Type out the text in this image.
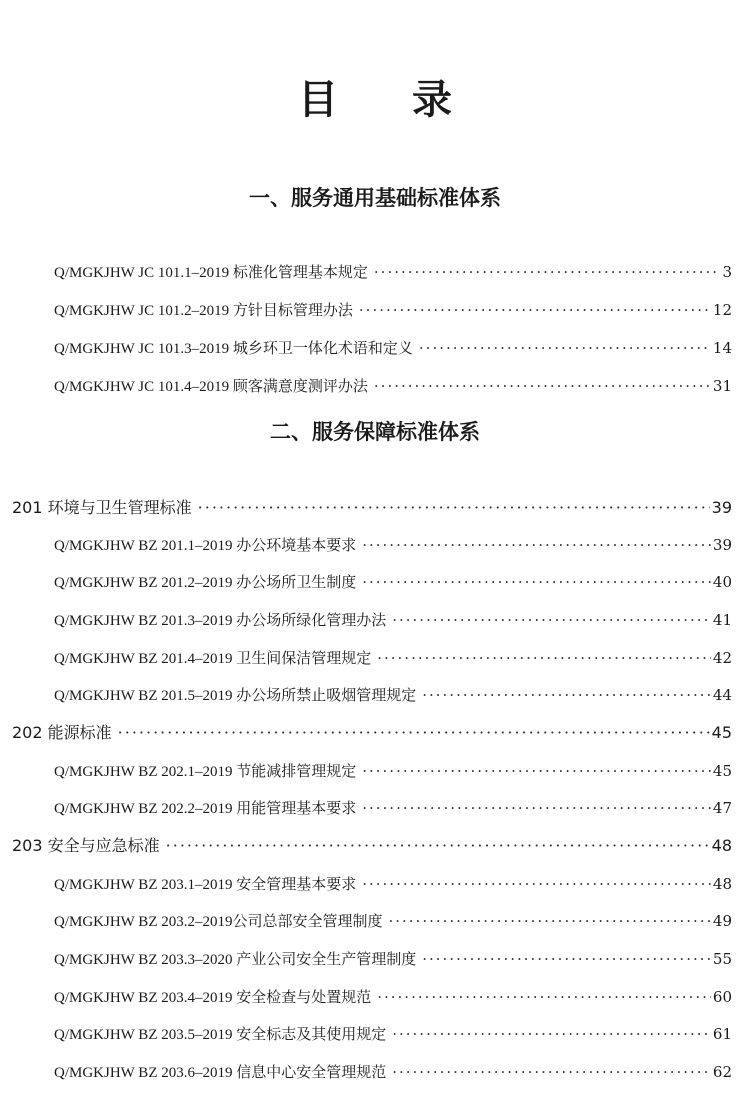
目 录
一、服务通用基础标准体系
Q/MGKJHW JC 101.1–2019 标准化管理基本规定 ·····	3
Q/MGKJHW JC 101.2–2019 方针目标管理办法 ·····	12
Q/MGKJHW JC 101.3–2019 城乡环卫一体化术语和定义 ·····	14
Q/MGKJHW JC 101.4–2019 顾客满意度测评办法 ·····	31
二、服务保障标准体系
201 环境与卫生管理标准 ·····	39
Q/MGKJHW BZ 201.1–2019 办公环境基本要求 ·····	39
Q/MGKJHW BZ 201.2–2019 办公场所卫生制度 ·····	40
Q/MGKJHW BZ 201.3–2019 办公场所绿化管理办法 ·····	41
Q/MGKJHW BZ 201.4–2019 卫生间保洁管理规定 ·····	42
Q/MGKJHW BZ 201.5–2019 办公场所禁止吸烟管理规定 ·····	44
202 能源标准 ·····	45
Q/MGKJHW BZ 202.1–2019 节能减排管理规定 ·····	45
Q/MGKJHW BZ 202.2–2019 用能管理基本要求 ·····	47
203 安全与应急标准 ·····	48
Q/MGKJHW BZ 203.1–2019 安全管理基本要求 ·····	48
Q/MGKJHW BZ 203.2–2019公司总部安全管理制度 ·····	49
Q/MGKJHW BZ 203.3–2020 产业公司安全生产管理制度 ·····	55
Q/MGKJHW BZ 203.4–2019 安全检查与处置规范 ·····	60
Q/MGKJHW BZ 203.5–2019 安全标志及其使用规定 ·····	61
Q/MGKJHW BZ 203.6–2019 信息中心安全管理规范 ·····	62
